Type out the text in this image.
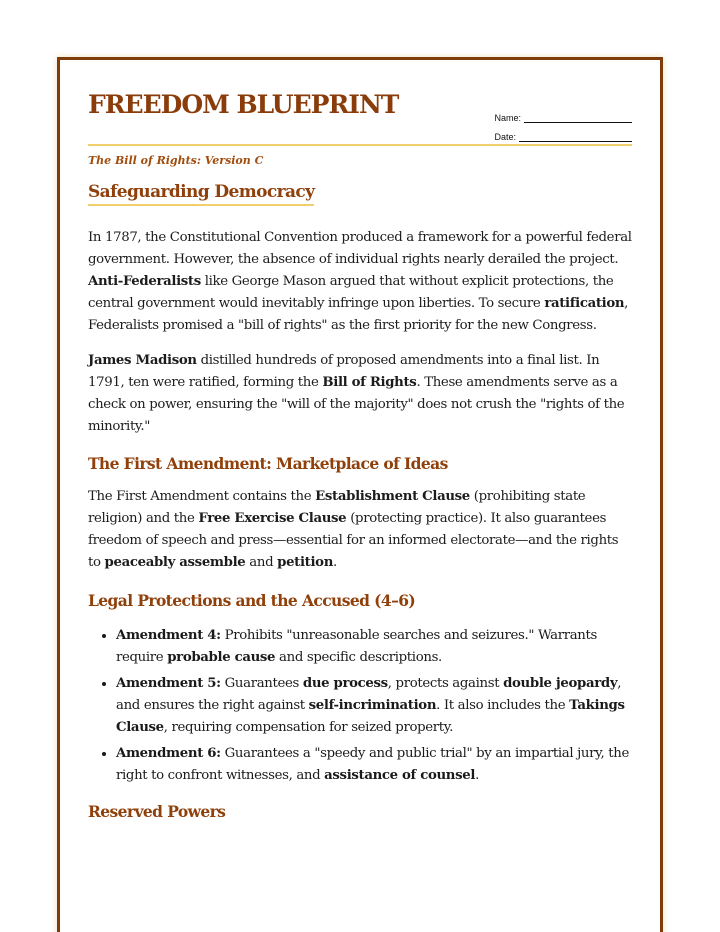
FREEDOM BLUEPRINT	Name:
Date:
The Bill of Rights: Version C
Safeguarding Democracy

In 1787, the Constitutional Convention produced a framework for a powerful federal government. However, the absence of individual rights nearly derailed the project. Anti-Federalists like George Mason argued that without explicit protections, the central government would inevitably infringe upon liberties. To secure ratification, Federalists promised a "bill of rights" as the first priority for the new Congress.

James Madison distilled hundreds of proposed amendments into a final list. In 1791, ten were ratified, forming the Bill of Rights. These amendments serve as a check on power, ensuring the "will of the majority" does not crush the "rights of the minority."

The First Amendment: Marketplace of Ideas

The First Amendment contains the Establishment Clause (prohibiting state religion) and the Free Exercise Clause (protecting practice). It also guarantees freedom of speech and press—essential for an informed electorate—and the rights to peaceably assemble and petition.

Legal Protections and the Accused (4–6)
• Amendment 4: Prohibits "unreasonable searches and seizures." Warrants require probable cause and specific descriptions.
• Amendment 5: Guarantees due process, protects against double jeopardy, and ensures the right against self-incrimination. It also includes the Takings Clause, requiring compensation for seized property.
• Amendment 6: Guarantees a "speedy and public trial" by an impartial jury, the right to confront witnesses, and assistance of counsel.
Reserved Powers
